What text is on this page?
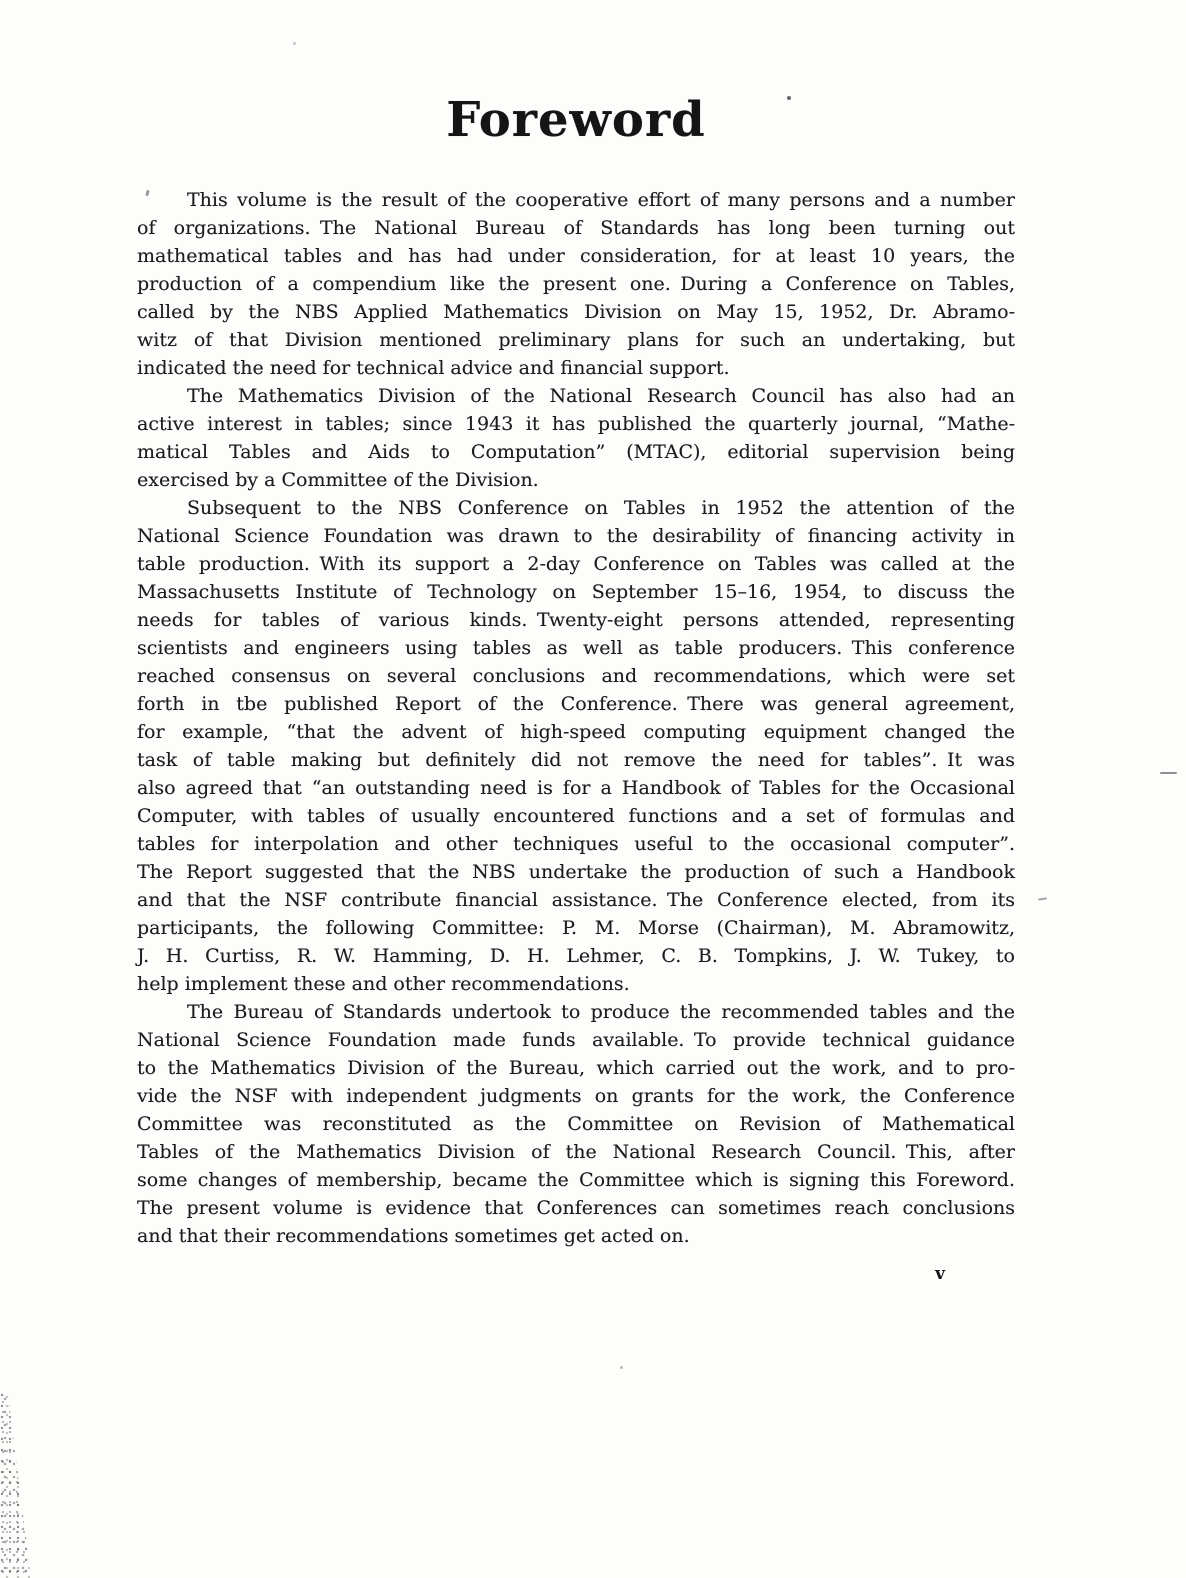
Foreword
This volume is the result of the cooperative effort of many persons and a number
of organizations. The National Bureau of Standards has long been turning out
mathematical tables and has had under consideration, for at least 10 years, the
production of a compendium like the present one. During a Conference on Tables,
called by the NBS Applied Mathematics Division on May 15, 1952, Dr. Abramo-
witz of that Division mentioned preliminary plans for such an undertaking, but
indicated the need for technical advice and financial support.
The Mathematics Division of the National Research Council has also had an
active interest in tables; since 1943 it has published the quarterly journal, “Mathe-
matical Tables and Aids to Computation” (MTAC), editorial supervision being
exercised by a Committee of the Division.
Subsequent to the NBS Conference on Tables in 1952 the attention of the
National Science Foundation was drawn to the desirability of financing activity in
table production. With its support a 2-day Conference on Tables was called at the
Massachusetts Institute of Technology on September 15–16, 1954, to discuss the
needs for tables of various kinds. Twenty-eight persons attended, representing
scientists and engineers using tables as well as table producers. This conference
reached consensus on several conclusions and recommendations, which were set
forth in tbe published Report of the Conference. There was general agreement,
for example, “that the advent of high-speed computing equipment changed the
task of table making but definitely did not remove the need for tables”. It was
also agreed that “an outstanding need is for a Handbook of Tables for the Occasional
Computer, with tables of usually encountered functions and a set of formulas and
tables for interpolation and other techniques useful to the occasional computer”.
The Report suggested that the NBS undertake the production of such a Handbook
and that the NSF contribute financial assistance. The Conference elected, from its
participants, the following Committee: P. M. Morse (Chairman), M. Abramowitz,
J. H. Curtiss, R. W. Hamming, D. H. Lehmer, C. B. Tompkins, J. W. Tukey, to
help implement these and other recommendations.
The Bureau of Standards undertook to produce the recommended tables and the
National Science Foundation made funds available. To provide technical guidance
to the Mathematics Division of the Bureau, which carried out the work, and to pro-
vide the NSF with independent judgments on grants for the work, the Conference
Committee was reconstituted as the Committee on Revision of Mathematical
Tables of the Mathematics Division of the National Research Council. This, after
some changes of membership, became the Committee which is signing this Foreword.
The present volume is evidence that Conferences can sometimes reach conclusions
and that their recommendations sometimes get acted on.
v
